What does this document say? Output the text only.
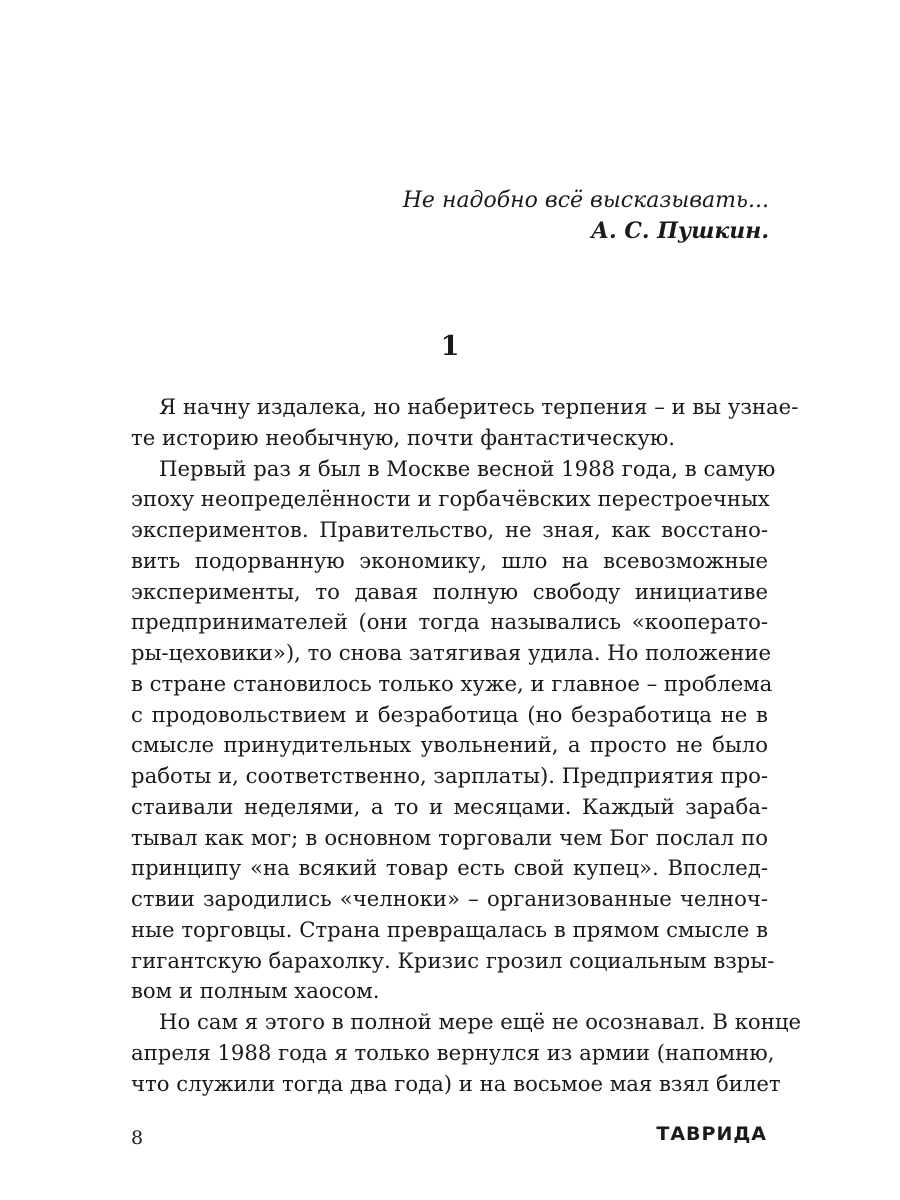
Не надобно всё высказывать...
А. С. Пушкин.
1
Я начну издалека, но наберитесь терпения – и вы узнае-
те историю необычную, почти фантастическую.
Первый раз я был в Москве весной 1988 года, в самую
эпоху неопределённости и горбачёвских перестроечных
экспериментов. Правительство, не зная, как восстано-
вить подорванную экономику, шло на всевозможные
эксперименты, то давая полную свободу инициативе
предпринимателей (они тогда назывались «кооперато-
ры-цеховики»), то снова затягивая удила. Но положение
в стране становилось только хуже, и главное – проблема
с продовольствием и безработица (но безработица не в
смысле принудительных увольнений, а просто не было
работы и, соответственно, зарплаты). Предприятия про-
стаивали неделями, а то и месяцами. Каждый зараба-
тывал как мог; в основном торговали чем Бог послал по
принципу «на всякий товар есть свой купец». Впослед-
ствии зародились «челноки» – организованные челноч-
ные торговцы. Страна превращалась в прямом смысле в
гигантскую барахолку. Кризис грозил социальным взры-
вом и полным хаосом.
Но сам я этого в полной мере ещё не осознавал. В конце
апреля 1988 года я только вернулся из армии (напомню,
что служили тогда два года) и на восьмое мая взял билет
8	ТАВРИДА
